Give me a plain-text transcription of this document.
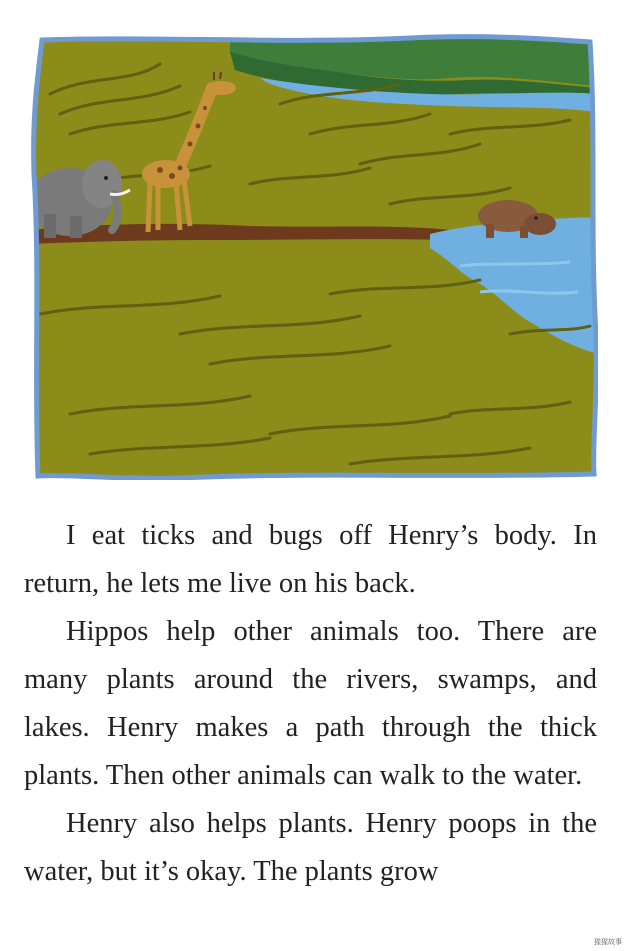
I eat ticks and bugs off Henry’s body. In return, he lets me live on his back.

Hippos help other animals too. There are many plants around the rivers, swamps, and lakes. Henry makes a path through the thick plants. Then other animals can walk to the water.

Henry also helps plants. Henry poops in the water, but it’s okay. The plants grow

猩猩故事
